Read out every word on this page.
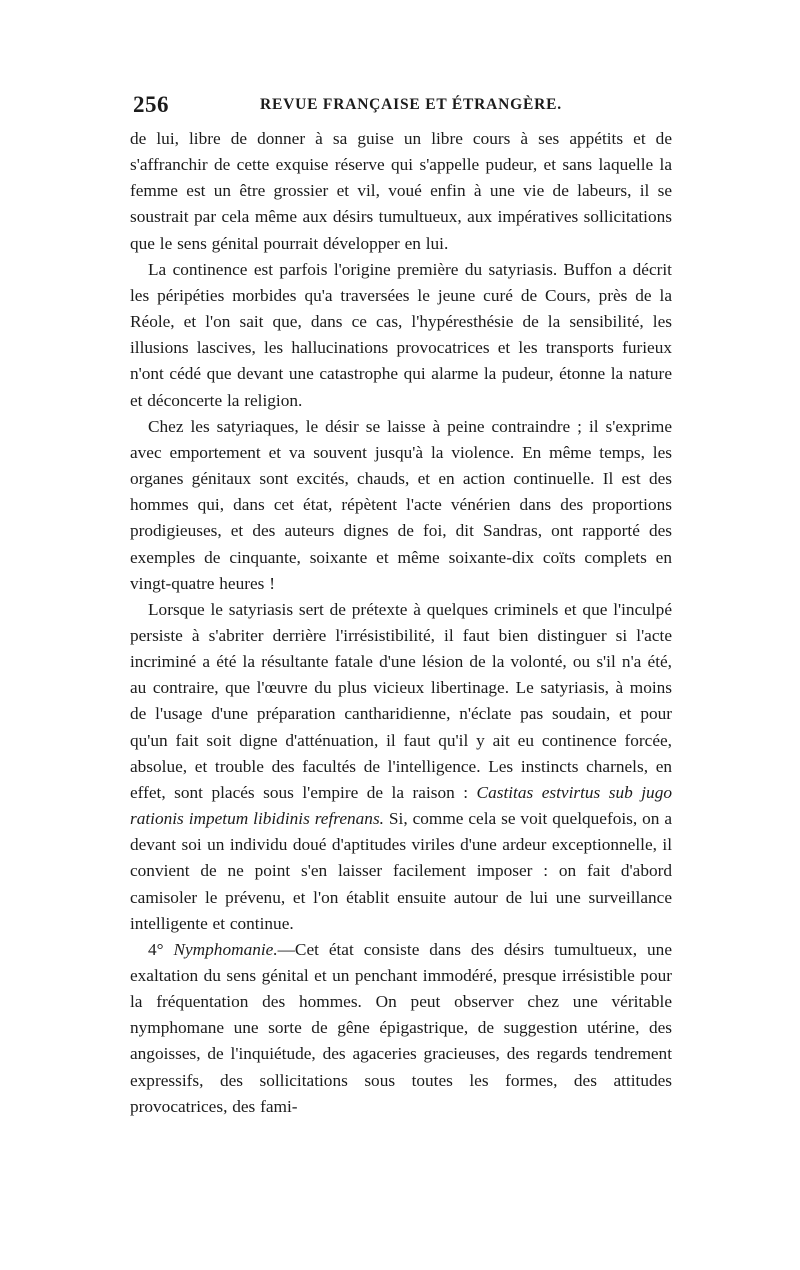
256	REVUE FRANÇAISE ET ÉTRANGÈRE.

de lui, libre de donner à sa guise un libre cours à ses appétits et de s'affranchir de cette exquise réserve qui s'appelle pudeur, et sans laquelle la femme est un être grossier et vil, voué enfin à une vie de labeurs, il se soustrait par cela même aux désirs tumultueux, aux impératives sollicitations que le sens génital pourrait développer en lui.

La continence est parfois l'origine première du satyriasis. Buffon a décrit les péripéties morbides qu'a traversées le jeune curé de Cours, près de la Réole, et l'on sait que, dans ce cas, l'hypéresthésie de la sensibilité, les illusions lascives, les hallucinations provocatrices et les transports furieux n'ont cédé que devant une catastrophe qui alarme la pudeur, étonne la nature et déconcerte la religion.

Chez les satyriaques, le désir se laisse à peine contraindre ; il s'exprime avec emportement et va souvent jusqu'à la violence. En même temps, les organes génitaux sont excités, chauds, et en action continuelle. Il est des hommes qui, dans cet état, répètent l'acte vénérien dans des proportions prodigieuses, et des auteurs dignes de foi, dit Sandras, ont rapporté des exemples de cinquante, soixante et même soixante-dix coïts complets en vingt-quatre heures !

Lorsque le satyriasis sert de prétexte à quelques criminels et que l'inculpé persiste à s'abriter derrière l'irrésistibilité, il faut bien distinguer si l'acte incriminé a été la résultante fatale d'une lésion de la volonté, ou s'il n'a été, au contraire, que l'œuvre du plus vicieux libertinage. Le satyriasis, à moins de l'usage d'une préparation cantharidienne, n'éclate pas soudain, et pour qu'un fait soit digne d'atténuation, il faut qu'il y ait eu continence forcée, absolue, et trouble des facultés de l'intelligence. Les instincts charnels, en effet, sont placés sous l'empire de la raison : Castitas estvirtus sub jugo rationis impetum libidinis refrenans. Si, comme cela se voit quelquefois, on a devant soi un individu doué d'aptitudes viriles d'une ardeur exceptionnelle, il convient de ne point s'en laisser facilement imposer : on fait d'abord camisoler le prévenu, et l'on établit ensuite autour de lui une surveillance intelligente et continue.

4° Nymphomanie.—Cet état consiste dans des désirs tumultueux, une exaltation du sens génital et un penchant immodéré, presque irrésistible pour la fréquentation des hommes. On peut observer chez une véritable nymphomane une sorte de gêne épigastrique, de suggestion utérine, des angoisses, de l'inquiétude, des agaceries gracieuses, des regards tendrement expressifs, des sollicitations sous toutes les formes, des attitudes provocatrices, des fami-
